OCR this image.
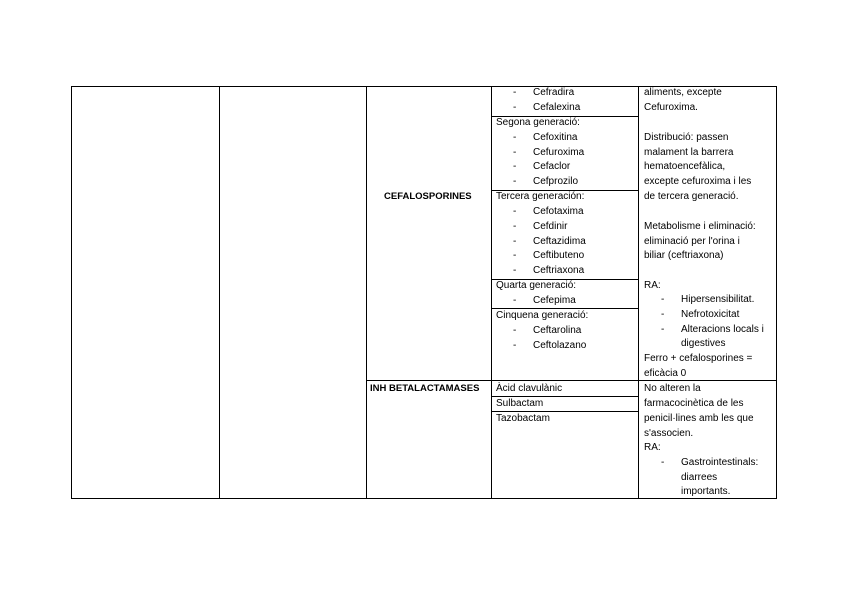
CEFALOSPORINES
INH BETALACTAMASES
- Cefradira
- Cefalexina
Segona generació:
- Cefoxitina
- Cefuroxima
- Cefaclor
- Cefprozilo
Tercera generación:
- Cefotaxima
- Cefdinir
- Ceftazidima
- Ceftibuteno
- Ceftriaxona
Quarta generació:
- Cefepima
Cinquena generació:
- Ceftarolina
- Ceftolazano
aliments, excepte
Cefuroxima.
Distribució: passen
malament la barrera
hematoencefàlica,
excepte cefuroxima i les
de tercera generació.
Metabolisme i eliminació:
eliminació per l'orina i
biliar (ceftriaxona)
RA:
- Hipersensibilitat.
- Nefrotoxicitat
- Alteracions locals i
digestives
Ferro + cefalosporines =
eficàcia 0
Àcid clavulànic
Sulbactam
Tazobactam
No alteren la
farmacocinètica de les
penicil·lines amb les que
s'associen.
RA:
- Gastrointestinals:
diarrees
importants.
